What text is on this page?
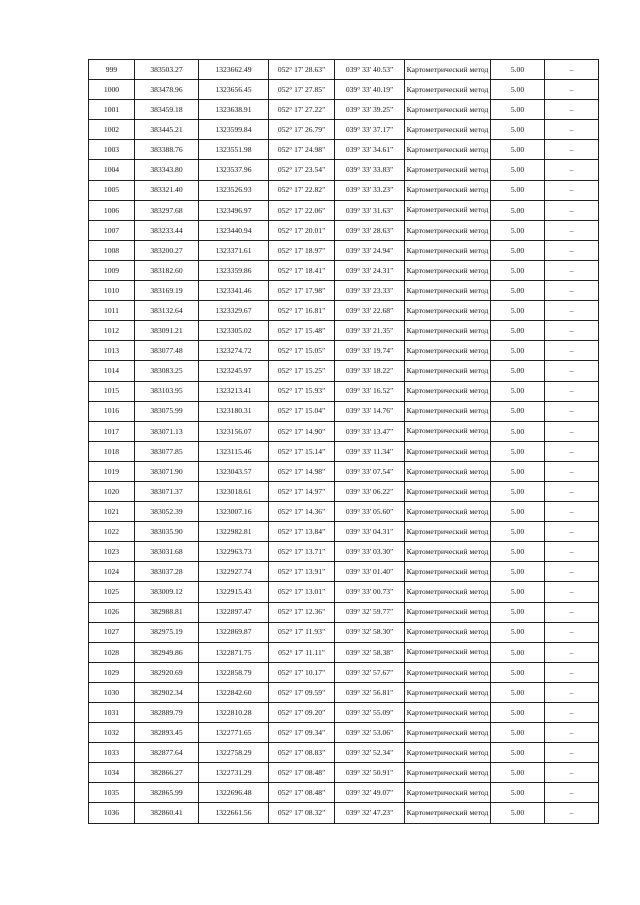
999	383503.27	1323662.49	052° 17' 28.63"	039° 33' 40.53"	Картометрический метод	5.00	–
1000	383478.96	1323656.45	052° 17' 27.85"	039° 33' 40.19"	Картометрический метод	5.00	–
1001	383459.18	1323638.91	052° 17' 27.22"	039° 33' 39.25"	Картометрический метод	5.00	–
1002	383445.21	1323599.84	052° 17' 26.79"	039° 33' 37.17"	Картометрический метод	5.00	–
1003	383388.76	1323551.98	052° 17' 24.98"	039° 33' 34.61"	Картометрический метод	5.00	–
1004	383343.80	1323537.96	052° 17' 23.54"	039° 33' 33.83"	Картометрический метод	5.00	–
1005	383321.40	1323526.93	052° 17' 22.82"	039° 33' 33.23"	Картометрический метод	5.00	–
1006	383297.68	1323496.97	052° 17' 22.06"	039° 33' 31.63"	Картометрический метод	5.00	–
1007	383233.44	1323440.94	052° 17' 20.01"	039° 33' 28.63"	Картометрический метод	5.00	–
1008	383200.27	1323371.61	052° 17' 18.97"	039° 33' 24.94"	Картометрический метод	5.00	–
1009	383182.60	1323359.86	052° 17' 18.41"	039° 33' 24.31"	Картометрический метод	5.00	–
1010	383169.19	1323341.46	052° 17' 17.98"	039° 33' 23.33"	Картометрический метод	5.00	–
1011	383132.64	1323329.67	052° 17' 16.81"	039° 33' 22.68"	Картометрический метод	5.00	–
1012	383091.21	1323305.02	052° 17' 15.48"	039° 33' 21.35"	Картометрический метод	5.00	–
1013	383077.48	1323274.72	052° 17' 15.05"	039° 33' 19.74"	Картометрический метод	5.00	–
1014	383083.25	1323245.97	052° 17' 15.25"	039° 33' 18.22"	Картометрический метод	5.00	–
1015	383103.95	1323213.41	052° 17' 15.93"	039° 33' 16.52"	Картометрический метод	5.00	–
1016	383075.99	1323180.31	052° 17' 15.04"	039° 33' 14.76"	Картометрический метод	5.00	–
1017	383071.13	1323156.07	052° 17' 14.90"	039° 33' 13.47"	Картометрический метод	5.00	–
1018	383077.85	1323115.46	052° 17' 15.14"	039° 33' 11.34"	Картометрический метод	5.00	–
1019	383071.90	1323043.57	052° 17' 14.98"	039° 33' 07.54"	Картометрический метод	5.00	–
1020	383071.37	1323018.61	052° 17' 14.97"	039° 33' 06.22"	Картометрический метод	5.00	–
1021	383052.39	1323007.16	052° 17' 14.36"	039° 33' 05.60"	Картометрический метод	5.00	–
1022	383035.90	1322982.81	052° 17' 13.84"	039° 33' 04.31"	Картометрический метод	5.00	–
1023	383031.68	1322963.73	052° 17' 13.71"	039° 33' 03.30"	Картометрический метод	5.00	–
1024	383037.28	1322927.74	052° 17' 13.91"	039° 33' 01.40"	Картометрический метод	5.00	–
1025	383009.12	1322915.43	052° 17' 13.01"	039° 33' 00.73"	Картометрический метод	5.00	–
1026	382988.81	1322897.47	052° 17' 12.36"	039° 32' 59.77"	Картометрический метод	5.00	–
1027	382975.19	1322869.87	052° 17' 11.93"	039° 32' 58.30"	Картометрический метод	5.00	–
1028	382949.86	1322871.75	052° 17' 11.11"	039° 32' 58.38"	Картометрический метод	5.00	–
1029	382920.69	1322858.79	052° 17' 10.17"	039° 32' 57.67"	Картометрический метод	5.00	–
1030	382902.34	1322842.60	052° 17' 09.59"	039° 32' 56.81"	Картометрический метод	5.00	–
1031	382889.79	1322810.28	052° 17' 09.20"	039° 32' 55.09"	Картометрический метод	5.00	–
1032	382893.45	1322771.65	052° 17' 09.34"	039° 32' 53.06"	Картометрический метод	5.00	–
1033	382877.64	1322758.29	052° 17' 08.83"	039° 32' 52.34"	Картометрический метод	5.00	–
1034	382866.27	1322731.29	052° 17' 08.48"	039° 32' 50.91"	Картометрический метод	5.00	–
1035	382865.99	1322696.48	052° 17' 08.48"	039° 32' 49.07"	Картометрический метод	5.00	–
1036	382860.41	1322661.56	052° 17' 08.32"	039° 32' 47.23"	Картометрический метод	5.00	–
